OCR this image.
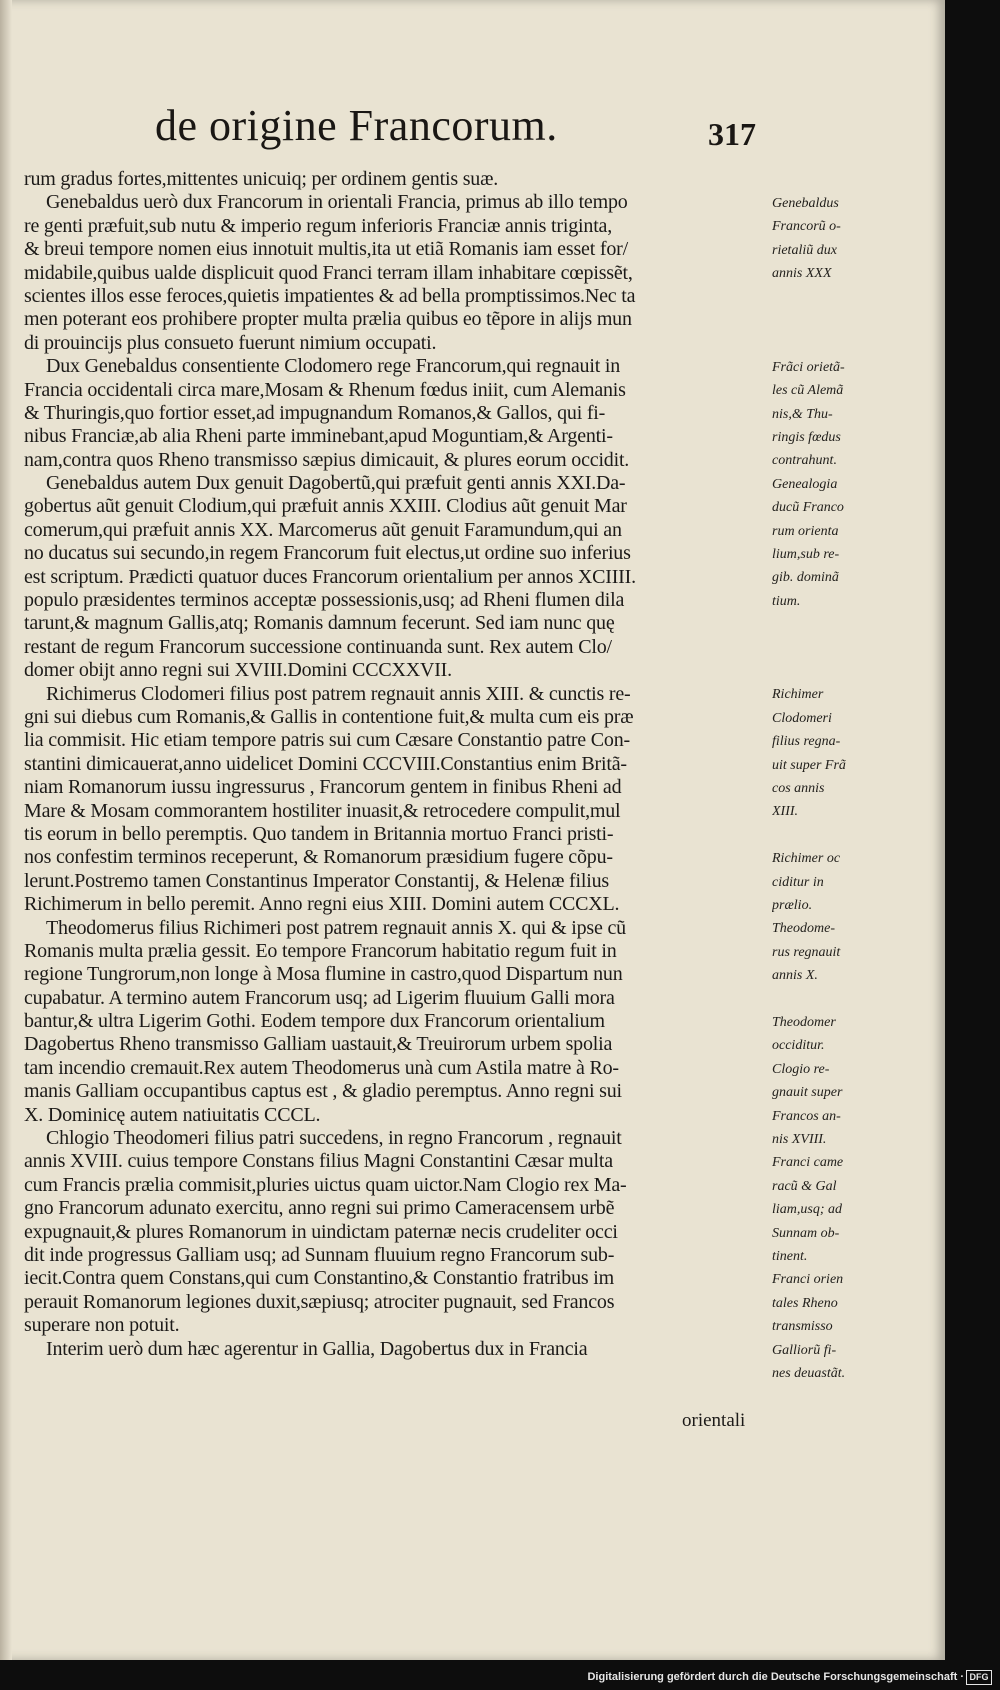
de origine Francorum.	317
rum gradus fortes,mittentes unicuiq; per ordinem gentis suæ.
Genebaldus uerò dux Francorum in orientali Francia, primus ab illo tempo
re genti præfuit,sub nutu & imperio regum inferioris Franciæ annis triginta,
& breui tempore nomen eius innotuit multis,ita ut etiã Romanis iam esset for/
midabile,quibus ualde displicuit quod Franci terram illam inhabitare cœpissẽt,
scientes illos esse feroces,quietis impatientes & ad bella promptissimos.Nec ta
men poterant eos prohibere propter multa prælia quibus eo tẽpore in alijs mun
di prouincijs plus consueto fuerunt nimium occupati.
Dux Genebaldus consentiente Clodomero rege Francorum,qui regnauit in
Francia occidentali circa mare,Mosam & Rhenum fœdus iniit, cum Alemanis
& Thuringis,quo fortior esset,ad impugnandum Romanos,& Gallos, qui fi-
nibus Franciæ,ab alia Rheni parte imminebant,apud Moguntiam,& Argenti-
nam,contra quos Rheno transmisso sæpius dimicauit, & plures eorum occidit.
Genebaldus autem Dux genuit Dagobertũ,qui præfuit genti annis XXI.Da-
gobertus aũt genuit Clodium,qui præfuit annis XXIII. Clodius aũt genuit Mar
comerum,qui præfuit annis XX. Marcomerus aũt genuit Faramundum,qui an
no ducatus sui secundo,in regem Francorum fuit electus,ut ordine suo inferius
est scriptum. Prædicti quatuor duces Francorum orientalium per annos XCIIII.
populo præsidentes terminos acceptæ possessionis,usq; ad Rheni flumen dila
tarunt,& magnum Gallis,atq; Romanis damnum fecerunt. Sed iam nunc quę
restant de regum Francorum successione continuanda sunt. Rex autem Clo/
domer obijt anno regni sui XVIII.Domini CCCXXVII.
Richimerus Clodomeri filius post patrem regnauit annis XIII. & cunctis re-
gni sui diebus cum Romanis,& Gallis in contentione fuit,& multa cum eis præ
lia commisit. Hic etiam tempore patris sui cum Cæsare Constantio patre Con-
stantini dimicauerat,anno uidelicet Domini CCCVIII.Constantius enim Britã-
niam Romanorum iussu ingressurus , Francorum gentem in finibus Rheni ad
Mare & Mosam commorantem hostiliter inuasit,& retrocedere compulit,mul
tis eorum in bello peremptis. Quo tandem in Britannia mortuo Franci pristi-
nos confestim terminos receperunt, & Romanorum præsidium fugere cõpu-
lerunt.Postremo tamen Constantinus Imperator Constantij, & Helenæ filius
Richimerum in bello peremit. Anno regni eius XIII. Domini autem CCCXL.
Theodomerus filius Richimeri post patrem regnauit annis X. qui & ipse cũ
Romanis multa prælia gessit. Eo tempore Francorum habitatio regum fuit in
regione Tungrorum,non longe à Mosa flumine in castro,quod Dispartum nun
cupabatur. A termino autem Francorum usq; ad Ligerim fluuium Galli mora
bantur,& ultra Ligerim Gothi. Eodem tempore dux Francorum orientalium
Dagobertus Rheno transmisso Galliam uastauit,& Treuirorum urbem spolia
tam incendio cremauit.Rex autem Theodomerus unà cum Astila matre à Ro-
manis Galliam occupantibus captus est , & gladio peremptus. Anno regni sui
X. Dominicę autem natiuitatis CCCL.
Chlogio Theodomeri filius patri succedens, in regno Francorum , regnauit
annis XVIII. cuius tempore Constans filius Magni Constantini Cæsar multa
cum Francis prælia commisit,pluries uictus quam uictor.Nam Clogio rex Ma-
gno Francorum adunato exercitu, anno regni sui primo Cameracensem urbẽ
expugnauit,& plures Romanorum in uindictam paternæ necis crudeliter occi
dit inde progressus Galliam usq; ad Sunnam fluuium regno Francorum sub-
iecit.Contra quem Constans,qui cum Constantino,& Constantio fratribus im
perauit Romanorum legiones duxit,sæpiusq; atrociter pugnauit, sed Francos
superare non potuit.
Interim uerò dum hæc agerentur in Gallia, Dagobertus dux in Francia
Genebaldus
Francorũ o-
rietaliũ dux
annis XXX
Frãci orietã-
les cũ Alemã
nis,& Thu-
ringis fœdus
contrahunt.
Genealogia
ducũ Franco
rum orienta
lium,sub re-
gib. dominã
tium.
Richimer
Clodomeri
filius regna-
uit super Frã
cos annis
XIII.
Richimer oc
ciditur in
prælio.
Theodome-
rus regnauit
annis X.
Theodomer
occiditur.
Clogio re-
gnauit super
Francos an-
nis XVIII.
Franci came
racũ & Gal
liam,usq; ad
Sunnam ob-
tinent.
Franci orien
tales Rheno
transmisso
Galliorũ fi-
nes deuastãt.
orientali
Digitalisierung gefördert durch die Deutsche Forschungsgemeinschaft · DFG
